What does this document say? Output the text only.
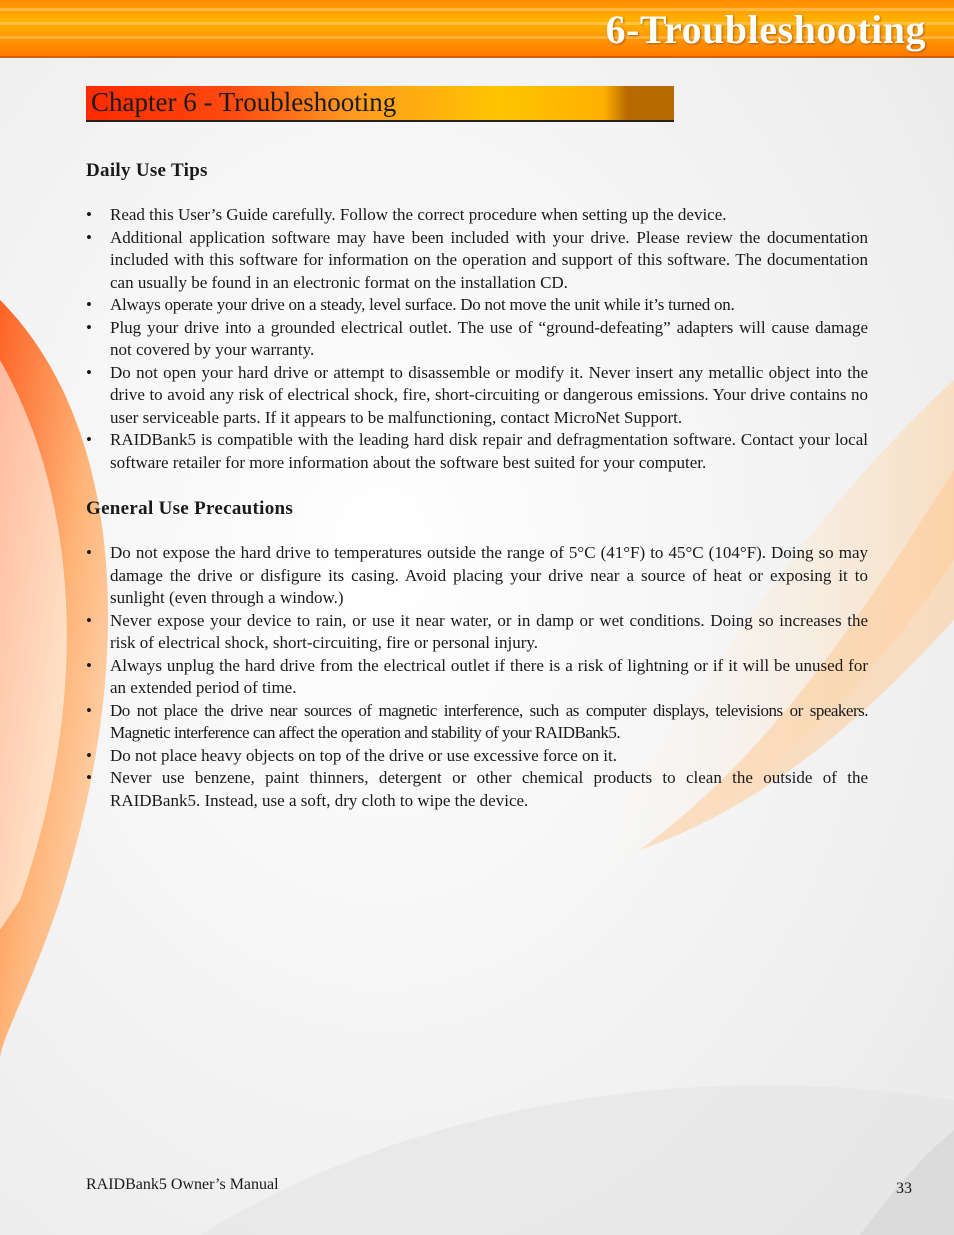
6-Troubleshooting
Chapter 6 - Troubleshooting
Daily Use Tips
• Read this User’s Guide carefully. Follow the correct procedure when setting up the device.
• Additional application software may have been included with your drive. Please review the documentation included with this software for information on the operation and support of this software. The documentation can usually be found in an electronic format on the installation CD.
• Always operate your drive on a steady, level surface. Do not move the unit while it’s turned on.
• Plug your drive into a grounded electrical outlet. The use of “ground-defeating” adapters will cause damage not covered by your warranty.
• Do not open your hard drive or attempt to disassemble or modify it. Never insert any metallic object into the drive to avoid any risk of electrical shock, fire, short-circuiting or dangerous emissions. Your drive contains no user serviceable parts. If it appears to be malfunctioning, contact MicroNet Support.
• RAIDBank5 is compatible with the leading hard disk repair and defragmentation software. Contact your local software retailer for more information about the software best suited for your computer.
General Use Precautions
• Do not expose the hard drive to temperatures outside the range of 5°C (41°F) to 45°C (104°F). Doing so may damage the drive or disfigure its casing. Avoid placing your drive near a source of heat or exposing it to sunlight (even through a window.)
• Never expose your device to rain, or use it near water, or in damp or wet conditions. Doing so increases the risk of electrical shock, short-circuiting, fire or personal injury.
• Always unplug the hard drive from the electrical outlet if there is a risk of lightning or if it will be unused for an extended period of time.
• Do not place the drive near sources of magnetic interference, such as computer displays, televisions or speakers. Magnetic interference can affect the operation and stability of your RAIDBank5.
• Do not place heavy objects on top of the drive or use excessive force on it.
• Never use benzene, paint thinners, detergent or other chemical products to clean the outside of the RAIDBank5. Instead, use a soft, dry cloth to wipe the device.
RAIDBank5 Owner’s Manual	33
